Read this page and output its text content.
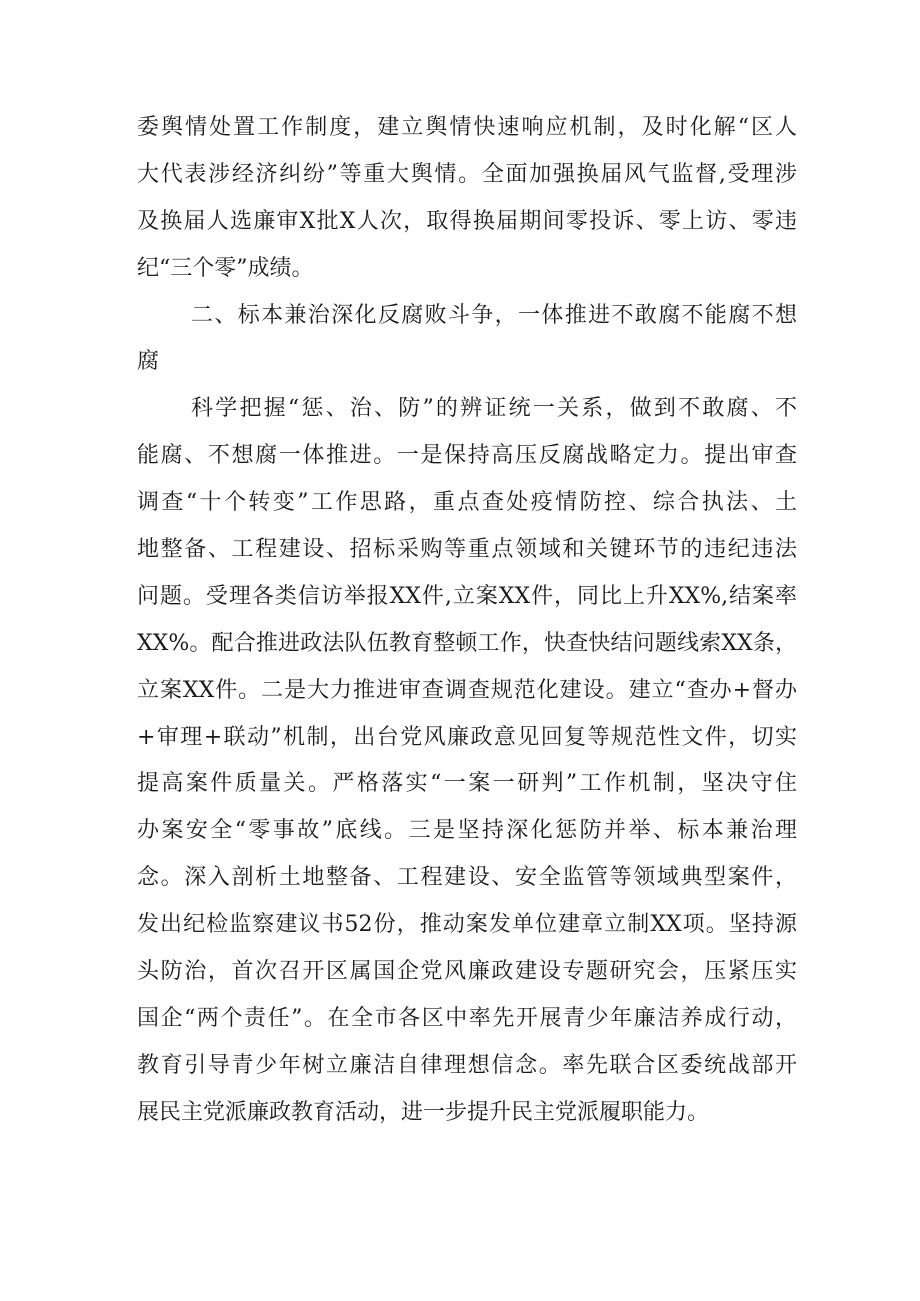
委舆情处置工作制度，建立舆情快速响应机制，及时化解“区人
大代表涉经济纠纷”等重大舆情。全面加强换届风气监督,受理涉
及换届人选廉审X批X人次，取得换届期间零投诉、零上访、零违
纪“三个零”成绩。
二、标本兼治深化反腐败斗争，一体推进不敢腐不能腐不想
腐
科学把握“惩、治、防”的辨证统一关系，做到不敢腐、不
能腐、不想腐一体推进。一是保持高压反腐战略定力。提出审查
调查“十个转变”工作思路，重点查处疫情防控、综合执法、土
地整备、工程建设、招标采购等重点领域和关键环节的违纪违法
问题。受理各类信访举报XX件,立案XX件，同比上升XX%,结案率
XX%。配合推进政法队伍教育整顿工作，快查快结问题线索XX条，
立案XX件。二是大力推进审查调查规范化建设。建立“查办+督办
+审理+联动”机制，出台党风廉政意见回复等规范性文件，切实
提高案件质量关。严格落实“一案一研判”工作机制，坚决守住
办案安全“零事故”底线。三是坚持深化惩防并举、标本兼治理
念。深入剖析土地整备、工程建设、安全监管等领域典型案件，
发出纪检监察建议书52份，推动案发单位建章立制XX项。坚持源
头防治，首次召开区属国企党风廉政建设专题研究会，压紧压实
国企“两个责任”。在全市各区中率先开展青少年廉洁养成行动，
教育引导青少年树立廉洁自律理想信念。率先联合区委统战部开
展民主党派廉政教育活动，进一步提升民主党派履职能力。
